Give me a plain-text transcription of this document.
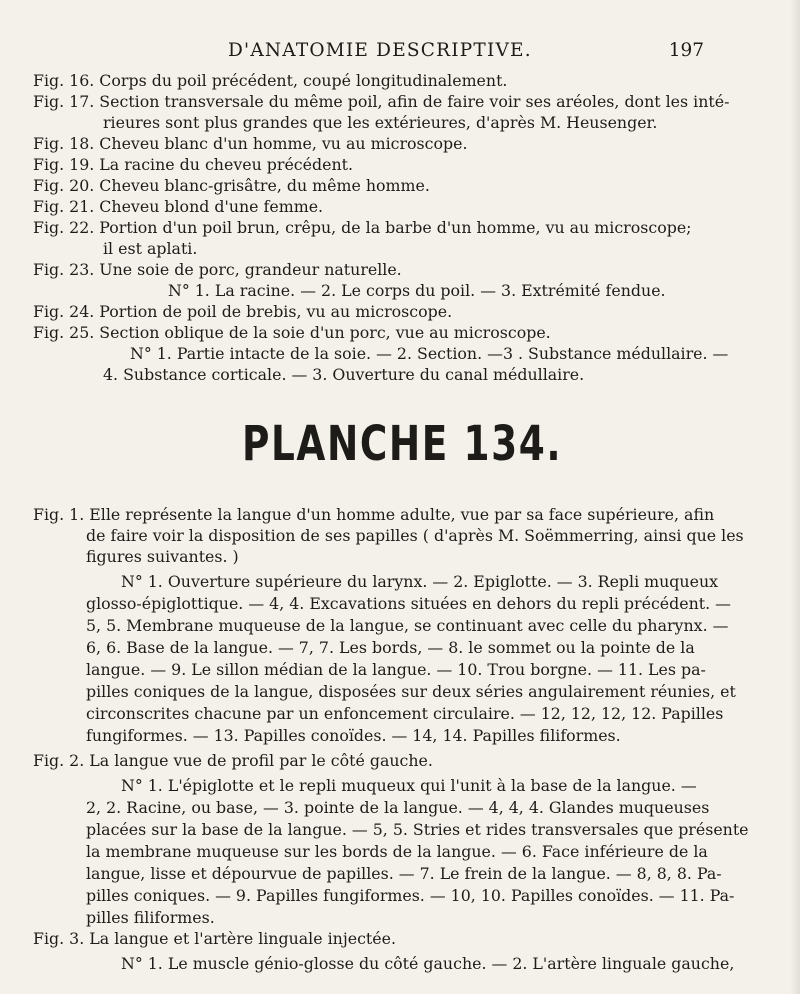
D'ANATOMIE DESCRIPTIVE.	197
Fig. 16. Corps du poil précédent, coupé longitudinalement.
Fig. 17. Section transversale du même poil, afin de faire voir ses aréoles, dont les inté-
rieures sont plus grandes que les extérieures, d'après M. Heusenger.
Fig. 18. Cheveu blanc d'un homme, vu au microscope.
Fig. 19. La racine du cheveu précédent.
Fig. 20. Cheveu blanc-grisâtre, du même homme.
Fig. 21. Cheveu blond d'une femme.
Fig. 22. Portion d'un poil brun, crêpu, de la barbe d'un homme, vu au microscope;
il est aplati.
Fig. 23. Une soie de porc, grandeur naturelle.
N° 1. La racine. — 2. Le corps du poil. — 3. Extrémité fendue.
Fig. 24. Portion de poil de brebis, vu au microscope.
Fig. 25. Section oblique de la soie d'un porc, vue au microscope.
N° 1. Partie intacte de la soie. — 2. Section. —3 . Substance médullaire. —
4. Substance corticale. — 3. Ouverture du canal médullaire.
PLANCHE 134.
Fig. 1. Elle représente la langue d'un homme adulte, vue par sa face supérieure, afin
de faire voir la disposition de ses papilles ( d'après M. Soëmmerring, ainsi que les
figures suivantes. )
N° 1. Ouverture supérieure du larynx. — 2. Epiglotte. — 3. Repli muqueux
glosso-épiglottique. — 4, 4. Excavations situées en dehors du repli précédent. —
5, 5. Membrane muqueuse de la langue, se continuant avec celle du pharynx. —
6, 6. Base de la langue. — 7, 7. Les bords, — 8. le sommet ou la pointe de la
langue. — 9. Le sillon médian de la langue. — 10. Trou borgne. — 11. Les pa-
pilles coniques de la langue, disposées sur deux séries angulairement réunies, et
circonscrites chacune par un enfoncement circulaire. — 12, 12, 12, 12. Papilles
fungiformes. — 13. Papilles conoïdes. — 14, 14. Papilles filiformes.
Fig. 2. La langue vue de profil par le côté gauche.
N° 1. L'épiglotte et le repli muqueux qui l'unit à la base de la langue. —
2, 2. Racine, ou base, — 3. pointe de la langue. — 4, 4, 4. Glandes muqueuses
placées sur la base de la langue. — 5, 5. Stries et rides transversales que présente
la membrane muqueuse sur les bords de la langue. — 6. Face inférieure de la
langue, lisse et dépourvue de papilles. — 7. Le frein de la langue. — 8, 8, 8. Pa-
pilles coniques. — 9. Papilles fungiformes. — 10, 10. Papilles conoïdes. — 11. Pa-
pilles filiformes.
Fig. 3. La langue et l'artère linguale injectée.
N° 1. Le muscle génio-glosse du côté gauche. — 2. L'artère linguale gauche,
